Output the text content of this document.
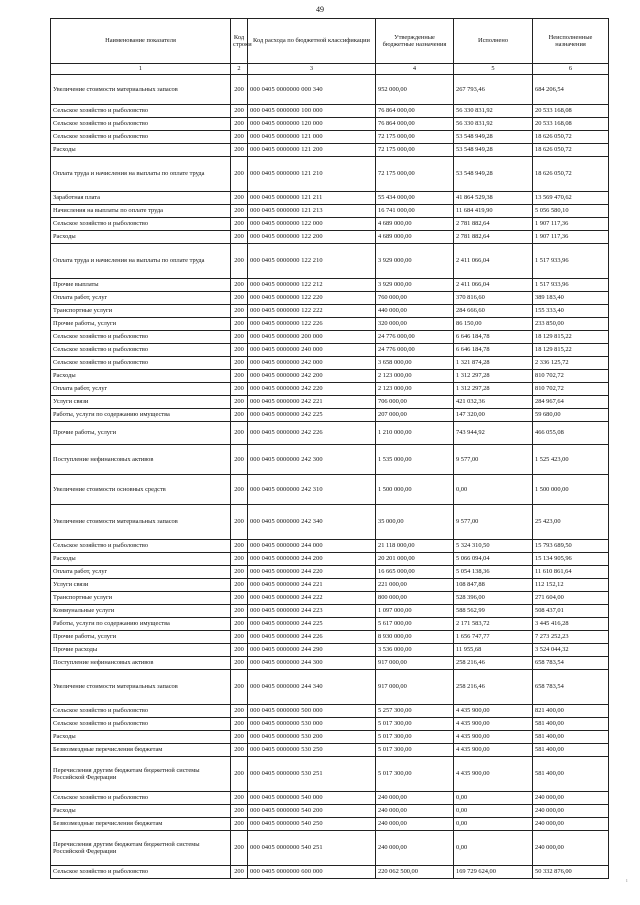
49
Наименование показателя	Код строки	Код расхода по бюджетной классификации	Утвержденные бюджетные назначения	Исполнено	Неисполненные назначения
1	2	3	4	5	6
Увеличение стоимости материальных запасов	200	000 0405 0000000 000 340	952 000,00	267 793,46	684 206,54
Сельское хозяйство и рыболовство	200	000 0405 0000000 100 000	76 864 000,00	56 330 831,92	20 533 168,08
Сельское хозяйство и рыболовство	200	000 0405 0000000 120 000	76 864 000,00	56 330 831,92	20 533 168,08
Сельское хозяйство и рыболовство	200	000 0405 0000000 121 000	72 175 000,00	53 548 949,28	18 626 050,72
Расходы	200	000 0405 0000000 121 200	72 175 000,00	53 548 949,28	18 626 050,72
Оплата труда и начисления на выплаты по оплате труда	200	000 0405 0000000 121 210	72 175 000,00	53 548 949,28	18 626 050,72
Заработная плата	200	000 0405 0000000 121 211	55 434 000,00	41 864 529,38	13 569 470,62
Начисления на выплаты по оплате труда	200	000 0405 0000000 121 213	16 741 000,00	11 684 419,90	5 056 580,10
Сельское хозяйство и рыболовство	200	000 0405 0000000 122 000	4 689 000,00	2 781 882,64	1 907 117,36
Расходы	200	000 0405 0000000 122 200	4 689 000,00	2 781 882,64	1 907 117,36
Оплата труда и начисления на выплаты по оплате труда	200	000 0405 0000000 122 210	3 929 000,00	2 411 066,04	1 517 933,96
Прочие выплаты	200	000 0405 0000000 122 212	3 929 000,00	2 411 066,04	1 517 933,96
Оплата работ, услуг	200	000 0405 0000000 122 220	760 000,00	370 816,60	389 183,40
Транспортные услуги	200	000 0405 0000000 122 222	440 000,00	284 666,60	155 333,40
Прочие работы, услуги	200	000 0405 0000000 122 226	320 000,00	86 150,00	233 850,00
Сельское хозяйство и рыболовство	200	000 0405 0000000 200 000	24 776 000,00	6 646 184,78	18 129 815,22
Сельское хозяйство и рыболовство	200	000 0405 0000000 240 000	24 776 000,00	6 646 184,78	18 129 815,22
Сельское хозяйство и рыболовство	200	000 0405 0000000 242 000	3 658 000,00	1 321 874,28	2 336 125,72
Расходы	200	000 0405 0000000 242 200	2 123 000,00	1 312 297,28	810 702,72
Оплата работ, услуг	200	000 0405 0000000 242 220	2 123 000,00	1 312 297,28	810 702,72
Услуги связи	200	000 0405 0000000 242 221	706 000,00	421 032,36	284 967,64
Работы, услуги по содержанию имущества	200	000 0405 0000000 242 225	207 000,00	147 320,00	59 680,00
Прочие работы, услуги	200	000 0405 0000000 242 226	1 210 000,00	743 944,92	466 055,08
Поступление нефинансовых активов	200	000 0405 0000000 242 300	1 535 000,00	9 577,00	1 525 423,00
Увеличение стоимости основных средств	200	000 0405 0000000 242 310	1 500 000,00	0,00	1 500 000,00
Увеличение стоимости материальных запасов	200	000 0405 0000000 242 340	35 000,00	9 577,00	25 423,00
Сельское хозяйство и рыболовство	200	000 0405 0000000 244 000	21 118 000,00	5 324 310,50	15 793 689,50
Расходы	200	000 0405 0000000 244 200	20 201 000,00	5 066 094,04	15 134 905,96
Оплата работ, услуг	200	000 0405 0000000 244 220	16 665 000,00	5 054 138,36	11 610 861,64
Услуги связи	200	000 0405 0000000 244 221	221 000,00	108 847,88	112 152,12
Транспортные услуги	200	000 0405 0000000 244 222	800 000,00	528 396,00	271 604,00
Коммунальные услуги	200	000 0405 0000000 244 223	1 097 000,00	588 562,99	508 437,01
Работы, услуги по содержанию имущества	200	000 0405 0000000 244 225	5 617 000,00	2 171 583,72	3 445 416,28
Прочие работы, услуги	200	000 0405 0000000 244 226	8 930 000,00	1 656 747,77	7 273 252,23
Прочие расходы	200	000 0405 0000000 244 290	3 536 000,00	11 955,68	3 524 044,32
Поступление нефинансовых активов	200	000 0405 0000000 244 300	917 000,00	258 216,46	658 783,54
Увеличение стоимости материальных запасов	200	000 0405 0000000 244 340	917 000,00	258 216,46	658 783,54
Сельское хозяйство и рыболовство	200	000 0405 0000000 500 000	5 257 300,00	4 435 900,00	821 400,00
Сельское хозяйство и рыболовство	200	000 0405 0000000 530 000	5 017 300,00	4 435 900,00	581 400,00
Расходы	200	000 0405 0000000 530 200	5 017 300,00	4 435 900,00	581 400,00
Безвозмездные перечисления бюджетам	200	000 0405 0000000 530 250	5 017 300,00	4 435 900,00	581 400,00
Перечисления другим бюджетам бюджетной системы Российской Федерации	200	000 0405 0000000 530 251	5 017 300,00	4 435 900,00	581 400,00
Сельское хозяйство и рыболовство	200	000 0405 0000000 540 000	240 000,00	0,00	240 000,00
Расходы	200	000 0405 0000000 540 200	240 000,00	0,00	240 000,00
Безвозмездные перечисления бюджетам	200	000 0405 0000000 540 250	240 000,00	0,00	240 000,00
Перечисления другим бюджетам бюджетной системы Российской Федерации	200	000 0405 0000000 540 251	240 000,00	0,00	240 000,00
Сельское хозяйство и рыболовство	200	000 0405 0000000 600 000	220 062 500,00	169 729 624,00	50 332 876,00
ı
